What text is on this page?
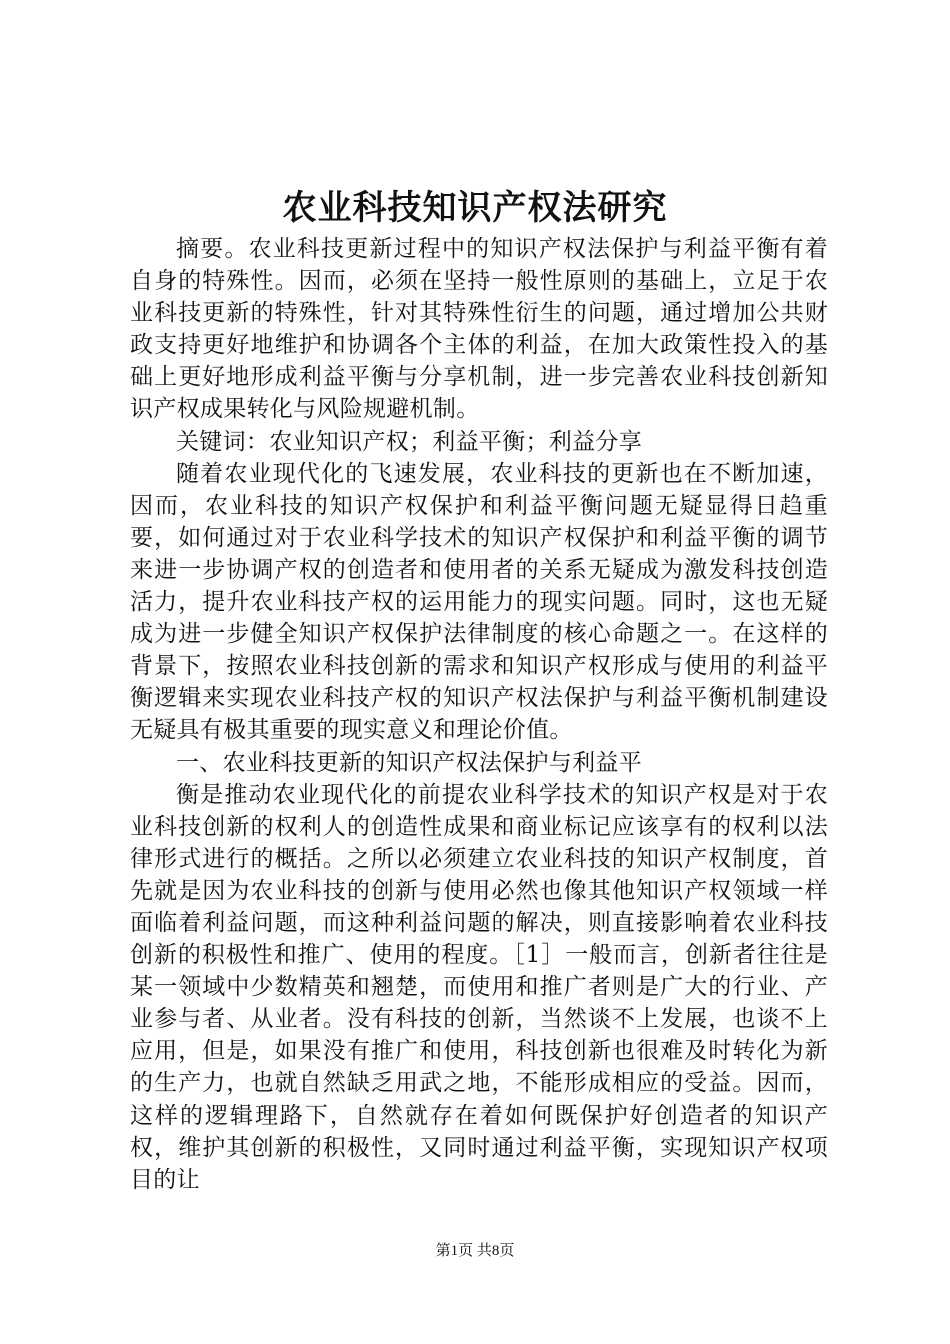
农业科技知识产权法研究

摘要。农业科技更新过程中的知识产权法保护与利益平衡有着自身的特殊性。因而，必须在坚持一般性原则的基础上，立足于农业科技更新的特殊性，针对其特殊性衍生的问题，通过增加公共财政支持更好地维护和协调各个主体的利益，在加大政策性投入的基础上更好地形成利益平衡与分享机制，进一步完善农业科技创新知识产权成果转化与风险规避机制。

关键词：农业知识产权；利益平衡；利益分享

随着农业现代化的飞速发展，农业科技的更新也在不断加速，因而，农业科技的知识产权保护和利益平衡问题无疑显得日趋重要，如何通过对于农业科学技术的知识产权保护和利益平衡的调节来进一步协调产权的创造者和使用者的关系无疑成为激发科技创造活力，提升农业科技产权的运用能力的现实问题。同时，这也无疑成为进一步健全知识产权保护法律制度的核心命题之一。在这样的背景下，按照农业科技创新的需求和知识产权形成与使用的利益平衡逻辑来实现农业科技产权的知识产权法保护与利益平衡机制建设无疑具有极其重要的现实意义和理论价值。

一、农业科技更新的知识产权法保护与利益平

衡是推动农业现代化的前提农业科学技术的知识产权是对于农业科技创新的权利人的创造性成果和商业标记应该享有的权利以法律形式进行的概括。之所以必须建立农业科技的知识产权制度，首先就是因为农业科技的创新与使用必然也像其他知识产权领域一样面临着利益问题，而这种利益问题的解决，则直接影响着农业科技创新的积极性和推广、使用的程度。［1］一般而言，创新者往往是某一领域中少数精英和翘楚，而使用和推广者则是广大的行业、产业参与者、从业者。没有科技的创新，当然谈不上发展，也谈不上应用，但是，如果没有推广和使用，科技创新也很难及时转化为新的生产力，也就自然缺乏用武之地，不能形成相应的受益。因而，这样的逻辑理路下，自然就存在着如何既保护好创造者的知识产权，维护其创新的积极性，又同时通过利益平衡，实现知识产权项目的让

第1页 共8页
